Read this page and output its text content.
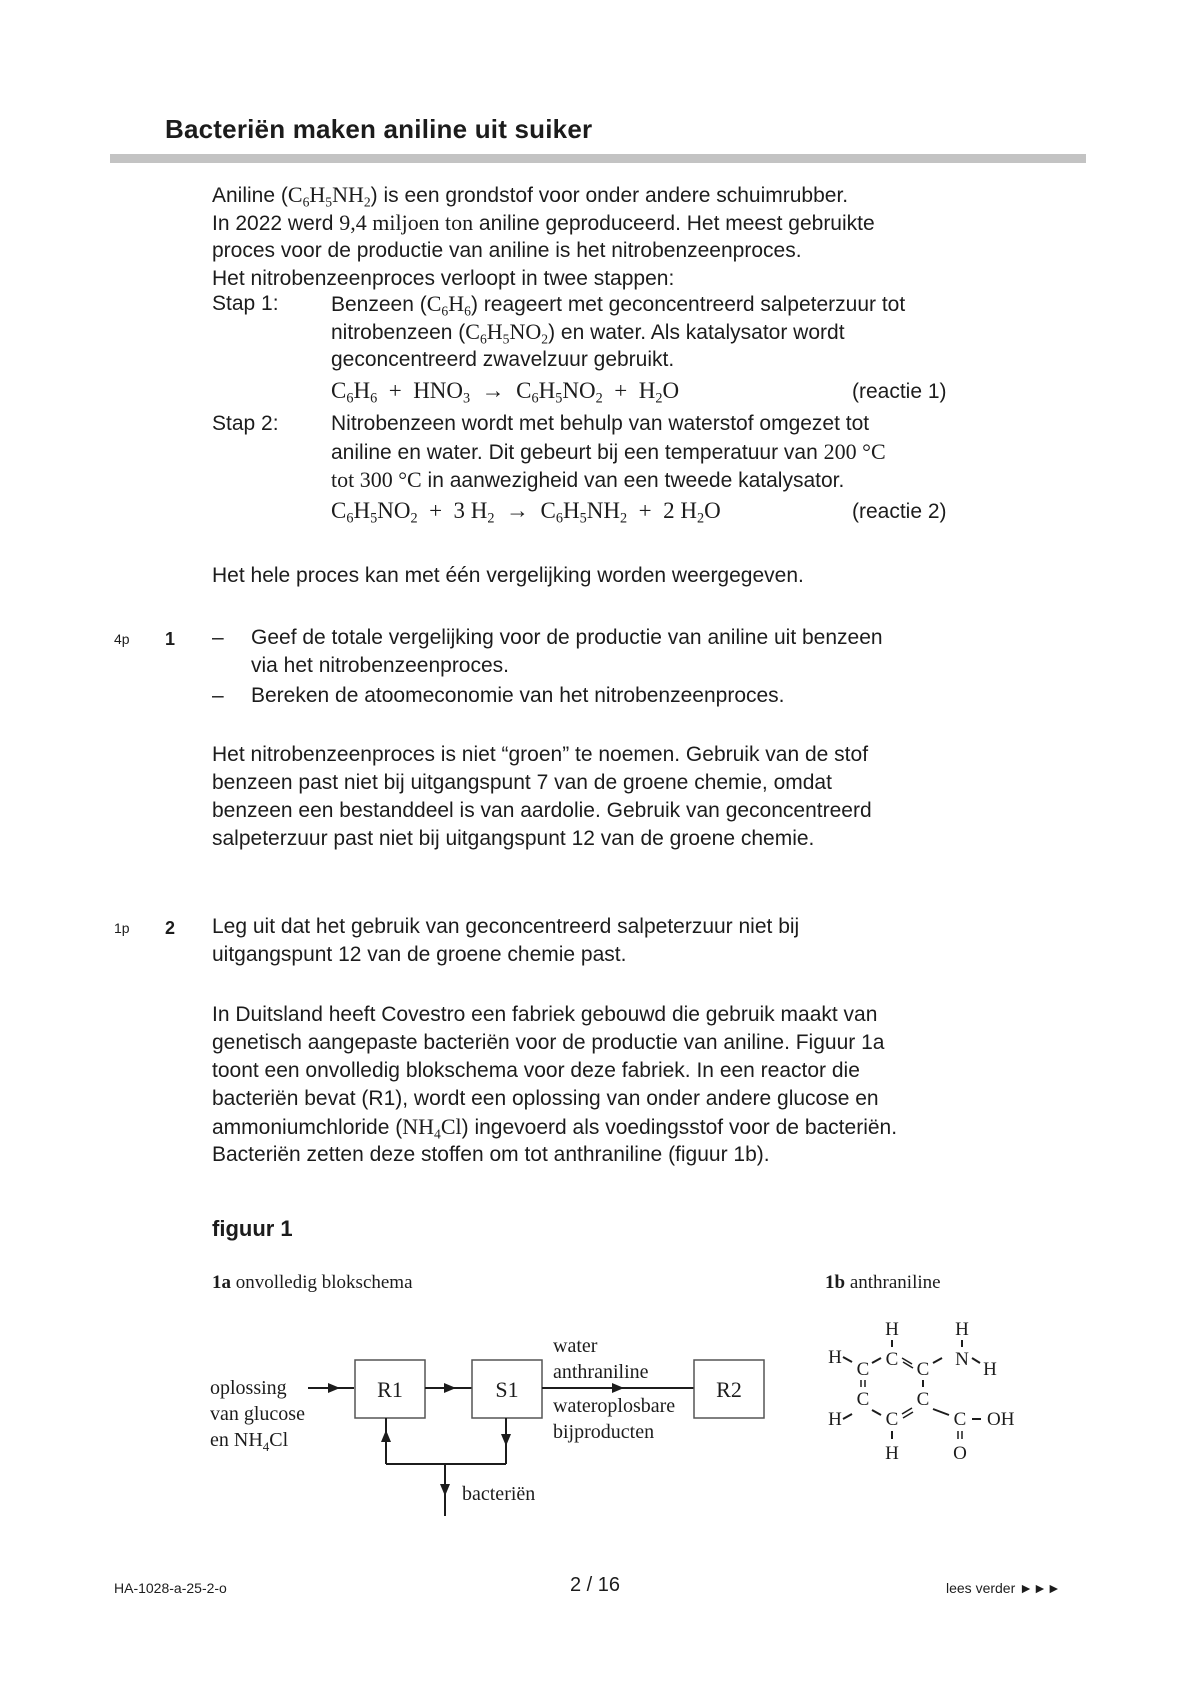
Bacteriën maken aniline uit suiker
Aniline $(C_6H_5NH_2)$ is een grondstof voor onder andere schuimrubber.
In 2022 werd 9,4 miljoen ton aniline geproduceerd. Het meest gebruikte
proces voor de productie van aniline is het nitrobenzeenproces.
Het nitrobenzeenproces verloopt in twee stappen:
Stap 1: Benzeen $(C_6H_6)$ reageert met geconcentreerd salpeterzuur tot
nitrobenzeen $(C_6H_5NO_2)$ en water. Als katalysator wordt
geconcentreerd zwavelzuur gebruikt.
$C_6H_6 + HNO_3 \to C_6H_5NO_2 + H_2O$	(reactie 1)
Stap 2: Nitrobenzeen wordt met behulp van waterstof omgezet tot
aniline en water. Dit gebeurt bij een temperatuur van 200 °C
tot 300 °C in aanwezigheid van een tweede katalysator.
$C_6H_5NO_2 + 3$ $H_2 \to C_6H_5NH_2 + 2$ $H_2O$	(reactie 2)
Het hele proces kan met één vergelijking worden weergegeven.
4p 1 – Geef de totale vergelijking voor de productie van aniline uit benzeen
via het nitrobenzeenproces.
– Bereken de atoomeconomie van het nitrobenzeenproces.
Het nitrobenzeenproces is niet “groen” te noemen. Gebruik van de stof
benzeen past niet bij uitgangspunt 7 van de groene chemie, omdat
benzeen een bestanddeel is van aardolie. Gebruik van geconcentreerd
salpeterzuur past niet bij uitgangspunt 12 van de groene chemie.
1p 2 Leg uit dat het gebruik van geconcentreerd salpeterzuur niet bij
uitgangspunt 12 van de groene chemie past.
In Duitsland heeft Covestro een fabriek gebouwd die gebruik maakt van
genetisch aangepaste bacteriën voor de productie van aniline. Figuur 1a
toont een onvolledig blokschema voor deze fabriek. In een reactor die
bacteriën bevat (R1), wordt een oplossing van onder andere glucose en
ammoniumchloride $(NH_4Cl)$ ingevoerd als voedingsstof voor de bacteriën.
Bacteriën zetten deze stoffen om tot anthraniline (figuur 1b).
figuur 1
1a onvolledig blokschema	1b anthraniline
oplossing
van glucose
en $NH_4Cl$
R1	S1
water
anthraniline
wateroplosbare
bijproducten
R2
bacteriën
H	H
H C
C	N H
C
C
H C
C
C OH
H	O
HA-1028-a-25-2-o	2 / 16	lees verder ►►►
